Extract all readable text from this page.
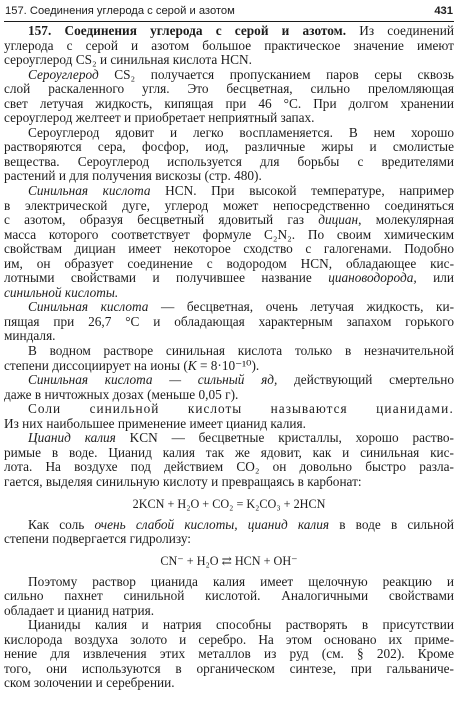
157. Соединения углерода с серой и азотом	431
157. Соединения углерода с серой и азотом. Из соединений
углерода с серой и азотом большое практическое значение имеют
сероуглерод CS₂ и синильная кислота HCN.
Сероуглерод CS₂ получается пропусканием паров серы сквозь
слой раскаленного угля. Это бесцветная, сильно преломляющая
свет летучая жидкость, кипящая при 46 °С. При долгом хранении
сероуглерод желтеет и приобретает неприятный запах.
Сероуглерод ядовит и легко воспламеняется. В нем хорошо
растворяются сера, фосфор, иод, различные жиры и смолистые
вещества. Сероуглерод используется для борьбы с вредителями
растений и для получения вискозы (стр. 480).
Синильная кислота HCN. При высокой температуре, например
в электрической дуге, углерод может непосредственно соединяться
с азотом, образуя бесцветный ядовитый газ дициан, молекулярная
масса которого соответствует формуле C₂N₂. По своим химическим
свойствам дициан имеет некоторое сходство с галогенами. Подобно
им, он образует соединение с водородом HCN, обладающее кис-
лотными свойствами и получившее название циановодорода, или
синильной кислоты.
Синильная кислота — бесцветная, очень летучая жидкость, ки-
пящая при 26,7 °С и обладающая характерным запахом горького
миндаля.
В водном растворе синильная кислота только в незначительной
степени диссоциирует на ионы (K = 8·10⁻¹⁰).
Синильная кислота — сильный яд, действующий смертельно
даже в ничтожных дозах (меньше 0,05 г).
Соли синильной кислоты называются цианидами.
Из них наибольшее применение имеет цианид калия.
Цианид калия KCN — бесцветные кристаллы, хорошо раство-
римые в воде. Цианид калия так же ядовит, как и синильная кис-
лота. На воздухе под действием CO₂ он довольно быстро разла-
гается, выделяя синильную кислоту и превращаясь в карбонат:
2KCN + H₂O + CO₂ = K₂CO₃ + 2HCN
Как соль очень слабой кислоты, цианид калия в воде в сильной
степени подвергается гидролизу:
CN⁻ + H₂O ⇄ HCN + OH⁻
Поэтому раствор цианида калия имеет щелочную реакцию и
сильно пахнет синильной кислотой. Аналогичными свойствами
обладает и цианид натрия.
Цианиды калия и натрия способны растворять в присутствии
кислорода воздуха золото и серебро. На этом основано их приме-
нение для извлечения этих металлов из руд (см. § 202). Кроме
того, они используются в органическом синтезе, при гальваниче-
ском золочении и серебрении.
